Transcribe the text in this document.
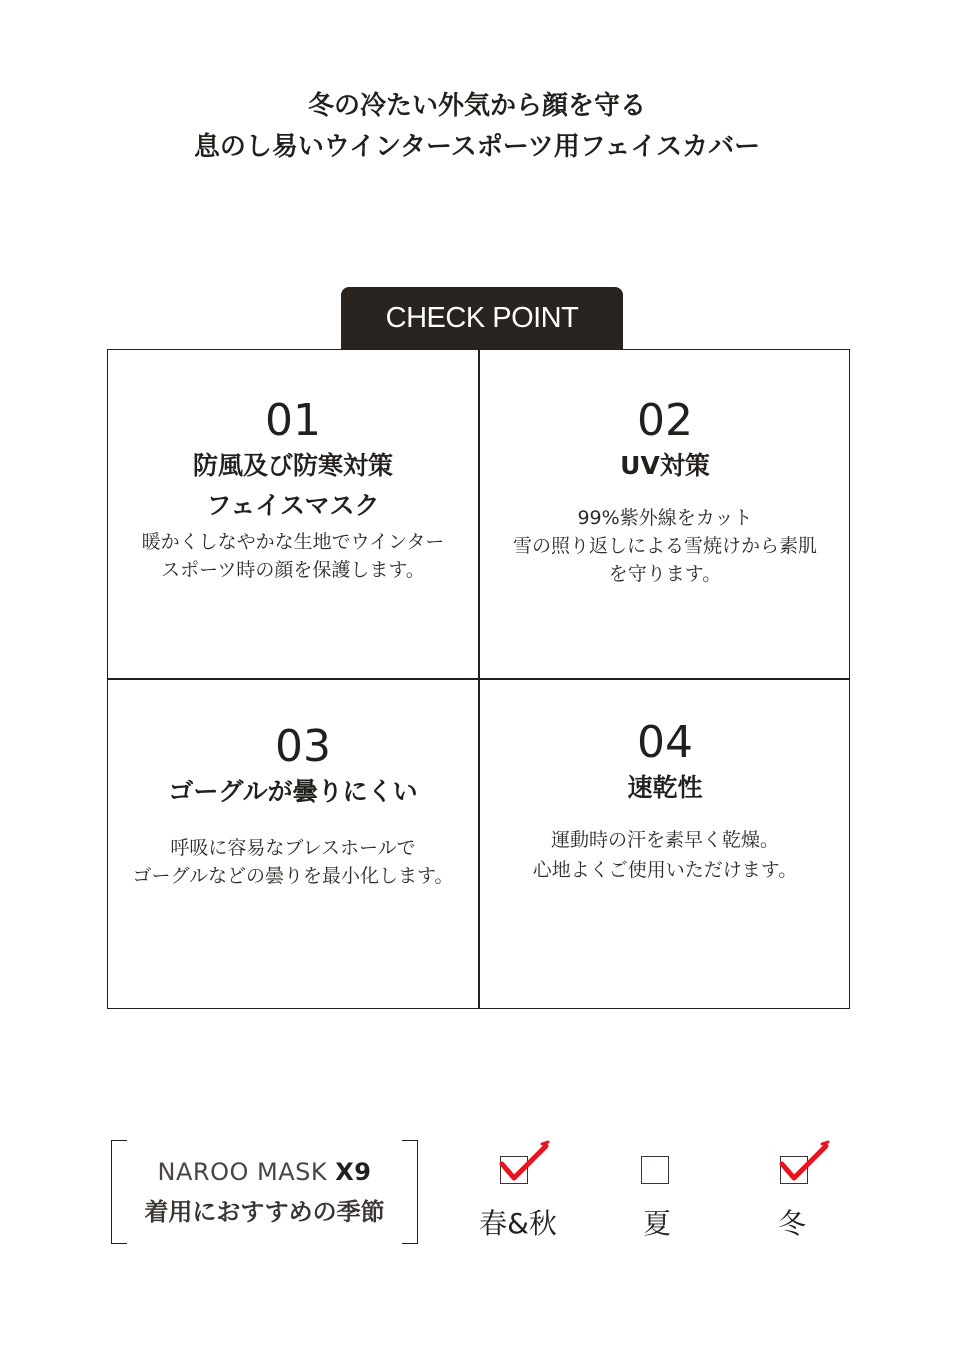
冬の冷たい外気から顔を守る
息のし易いウインタースポーツ用フェイスカバー
CHECK POINT
01
防風及び防寒対策
フェイスマスク
暖かくしなやかな生地でウインター
スポーツ時の顔を保護します。
02
UV対策
99%紫外線をカット
雪の照り返しによる雪焼けから素肌
を守ります。
03
ゴーグルが曇りにくい
呼吸に容易なブレスホールで
ゴーグルなどの曇りを最小化します。
04
速乾性
運動時の汗を素早く乾燥。
心地よくご使用いただけます。
NAROO MASK X9
着用におすすめの季節	春&秋	夏	冬
